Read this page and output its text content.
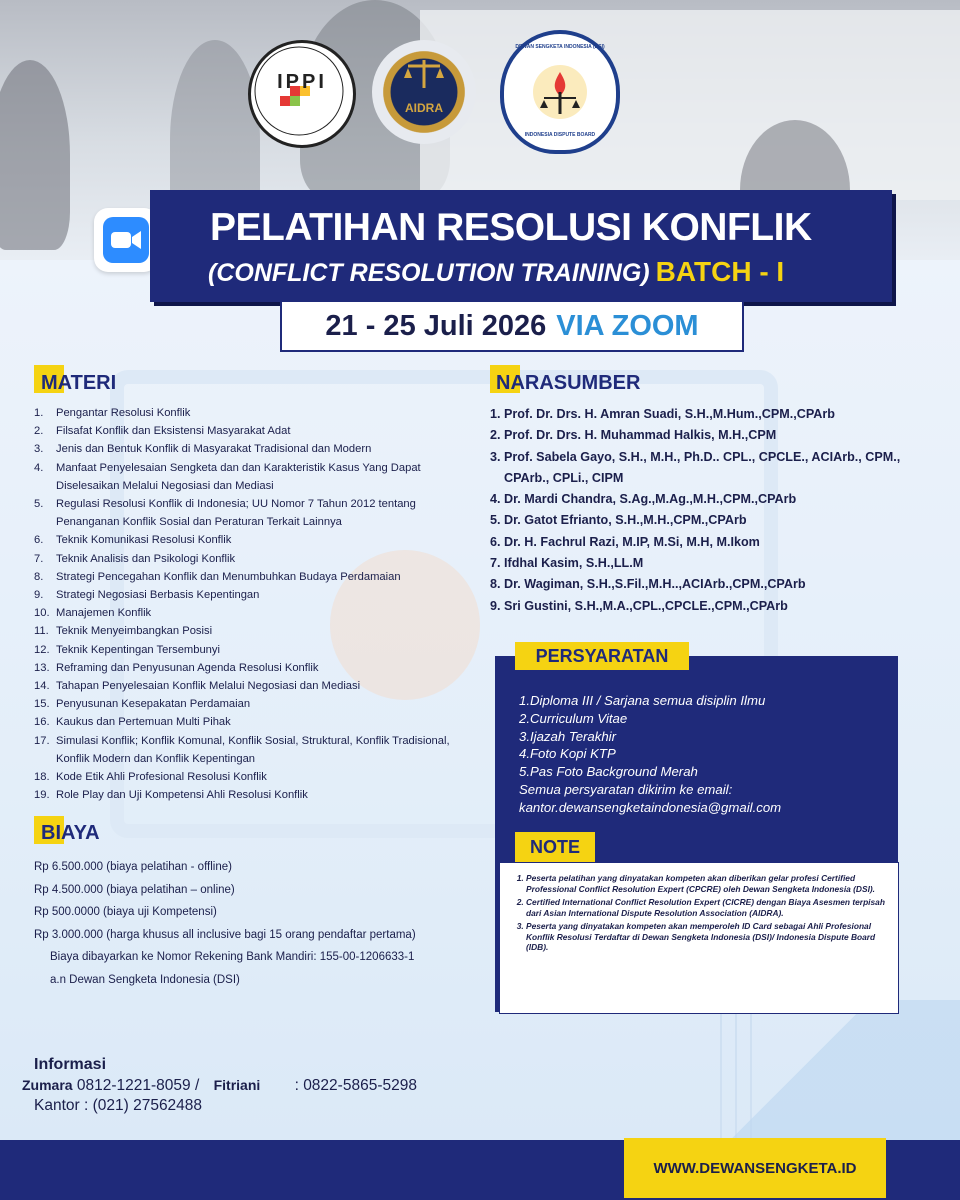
IPPI
AIDRA
DEWAN SENGKETA INDONESIA (DSI)
INDONESIA DISPUTE BOARD
PELATIHAN RESOLUSI KONFLIK
(CONFLICT RESOLUTION TRAINING) BATCH - I
21 - 25 Juli 2026 VIA ZOOM
MATERI
1.	Pengantar Resolusi Konflik
2.	Filsafat Konflik dan Eksistensi Masyarakat Adat
3.	Jenis dan Bentuk Konflik di Masyarakat Tradisional dan Modern
4.	Manfaat Penyelesaian Sengketa dan dan Karakteristik Kasus Yang Dapat Diselesaikan Melalui Negosiasi dan Mediasi
5.	Regulasi Resolusi Konflik di Indonesia; UU Nomor 7 Tahun 2012 tentang Penanganan Konflik Sosial dan Peraturan Terkait Lainnya
6.	Teknik Komunikasi Resolusi Konflik
7.	Teknik Analisis dan Psikologi Konflik
8.	Strategi Pencegahan Konflik dan Menumbuhkan Budaya Perdamaian
9.	Strategi Negosiasi Berbasis Kepentingan
10. Manajemen Konflik
11. Teknik Menyeimbangkan Posisi
12. Teknik Kepentingan Tersembunyi
13. Reframing dan Penyusunan Agenda Resolusi Konflik
14. Tahapan Penyelesaian Konflik Melalui Negosiasi dan Mediasi
15. Penyusunan Kesepakatan Perdamaian
16. Kaukus dan Pertemuan Multi Pihak
17. Simulasi Konflik; Konflik Komunal, Konflik Sosial, Struktural, Konflik Tradisional, Konflik Modern dan Konflik Kepentingan
18. Kode Etik Ahli Profesional Resolusi Konflik
19. Role Play dan Uji Kompetensi Ahli Resolusi Konflik
BIAYA

Rp 6.500.000 (biaya pelatihan - offline)

Rp 4.500.000 (biaya pelatihan – online)

Rp 500.0000 (biaya uji Kompetensi)

Rp 3.000.000 (harga khusus all inclusive bagi 15 orang pendaftar pertama)

Biaya dibayarkan ke Nomor Rekening Bank Mandiri: 155-00-1206633-1

a.n Dewan Sengketa Indonesia (DSI)

NARASUMBER
1. Prof. Dr. Drs. H. Amran Suadi, S.H.,M.Hum.,CPM.,CPArb
2. Prof. Dr. Drs. H. Muhammad Halkis, M.H.,CPM
3. Prof. Sabela Gayo, S.H., M.H., Ph.D.. CPL., CPCLE., ACIArb., CPM., CPArb., CPLi., CIPM
4. Dr. Mardi Chandra, S.Ag.,M.Ag.,M.H.,CPM.,CPArb
5. Dr. Gatot Efrianto, S.H.,M.H.,CPM.,CPArb
6. Dr. H. Fachrul Razi, M.IP, M.Si, M.H, M.Ikom
7. Ifdhal Kasim, S.H.,LL.M
8. Dr. Wagiman, S.H.,S.Fil.,M.H..,ACIArb.,CPM.,CPArb
9. Sri Gustini, S.H.,M.A.,CPL.,CPCLE.,CPM.,CPArb
PERSYARATAN
1.Diploma III / Sarjana semua disiplin Ilmu
2.Curriculum Vitae
3.Ijazah Terakhir
4.Foto Kopi KTP
5.Pas Foto Background Merah
Semua persyaratan dikirim ke email:
kantor.dewansengketaindonesia@gmail.com
NOTE
1. Peserta pelatihan yang dinyatakan kompeten akan diberikan gelar profesi Certified Professional Conflict Resolution Expert (CPCRE) oleh Dewan Sengketa Indonesia (DSI).
2. Certified International Conflict Resolution Expert (CICRE) dengan Biaya Asesmen terpisah dari Asian International Dispute Resolution Association (AIDRA).
3. Peserta yang dinyatakan kompeten akan memperoleh ID Card sebagai Ahli Profesional Konflik Resolusi Terdaftar di Dewan Sengketa Indonesia (DSI)/ Indonesia Dispute Board (IDB).
Informasi
Zumara 0812-1221-8059 / Fitriani : 0822-5865-5298
Kantor : (021) 27562488
WWW.DEWANSENGKETA.ID
